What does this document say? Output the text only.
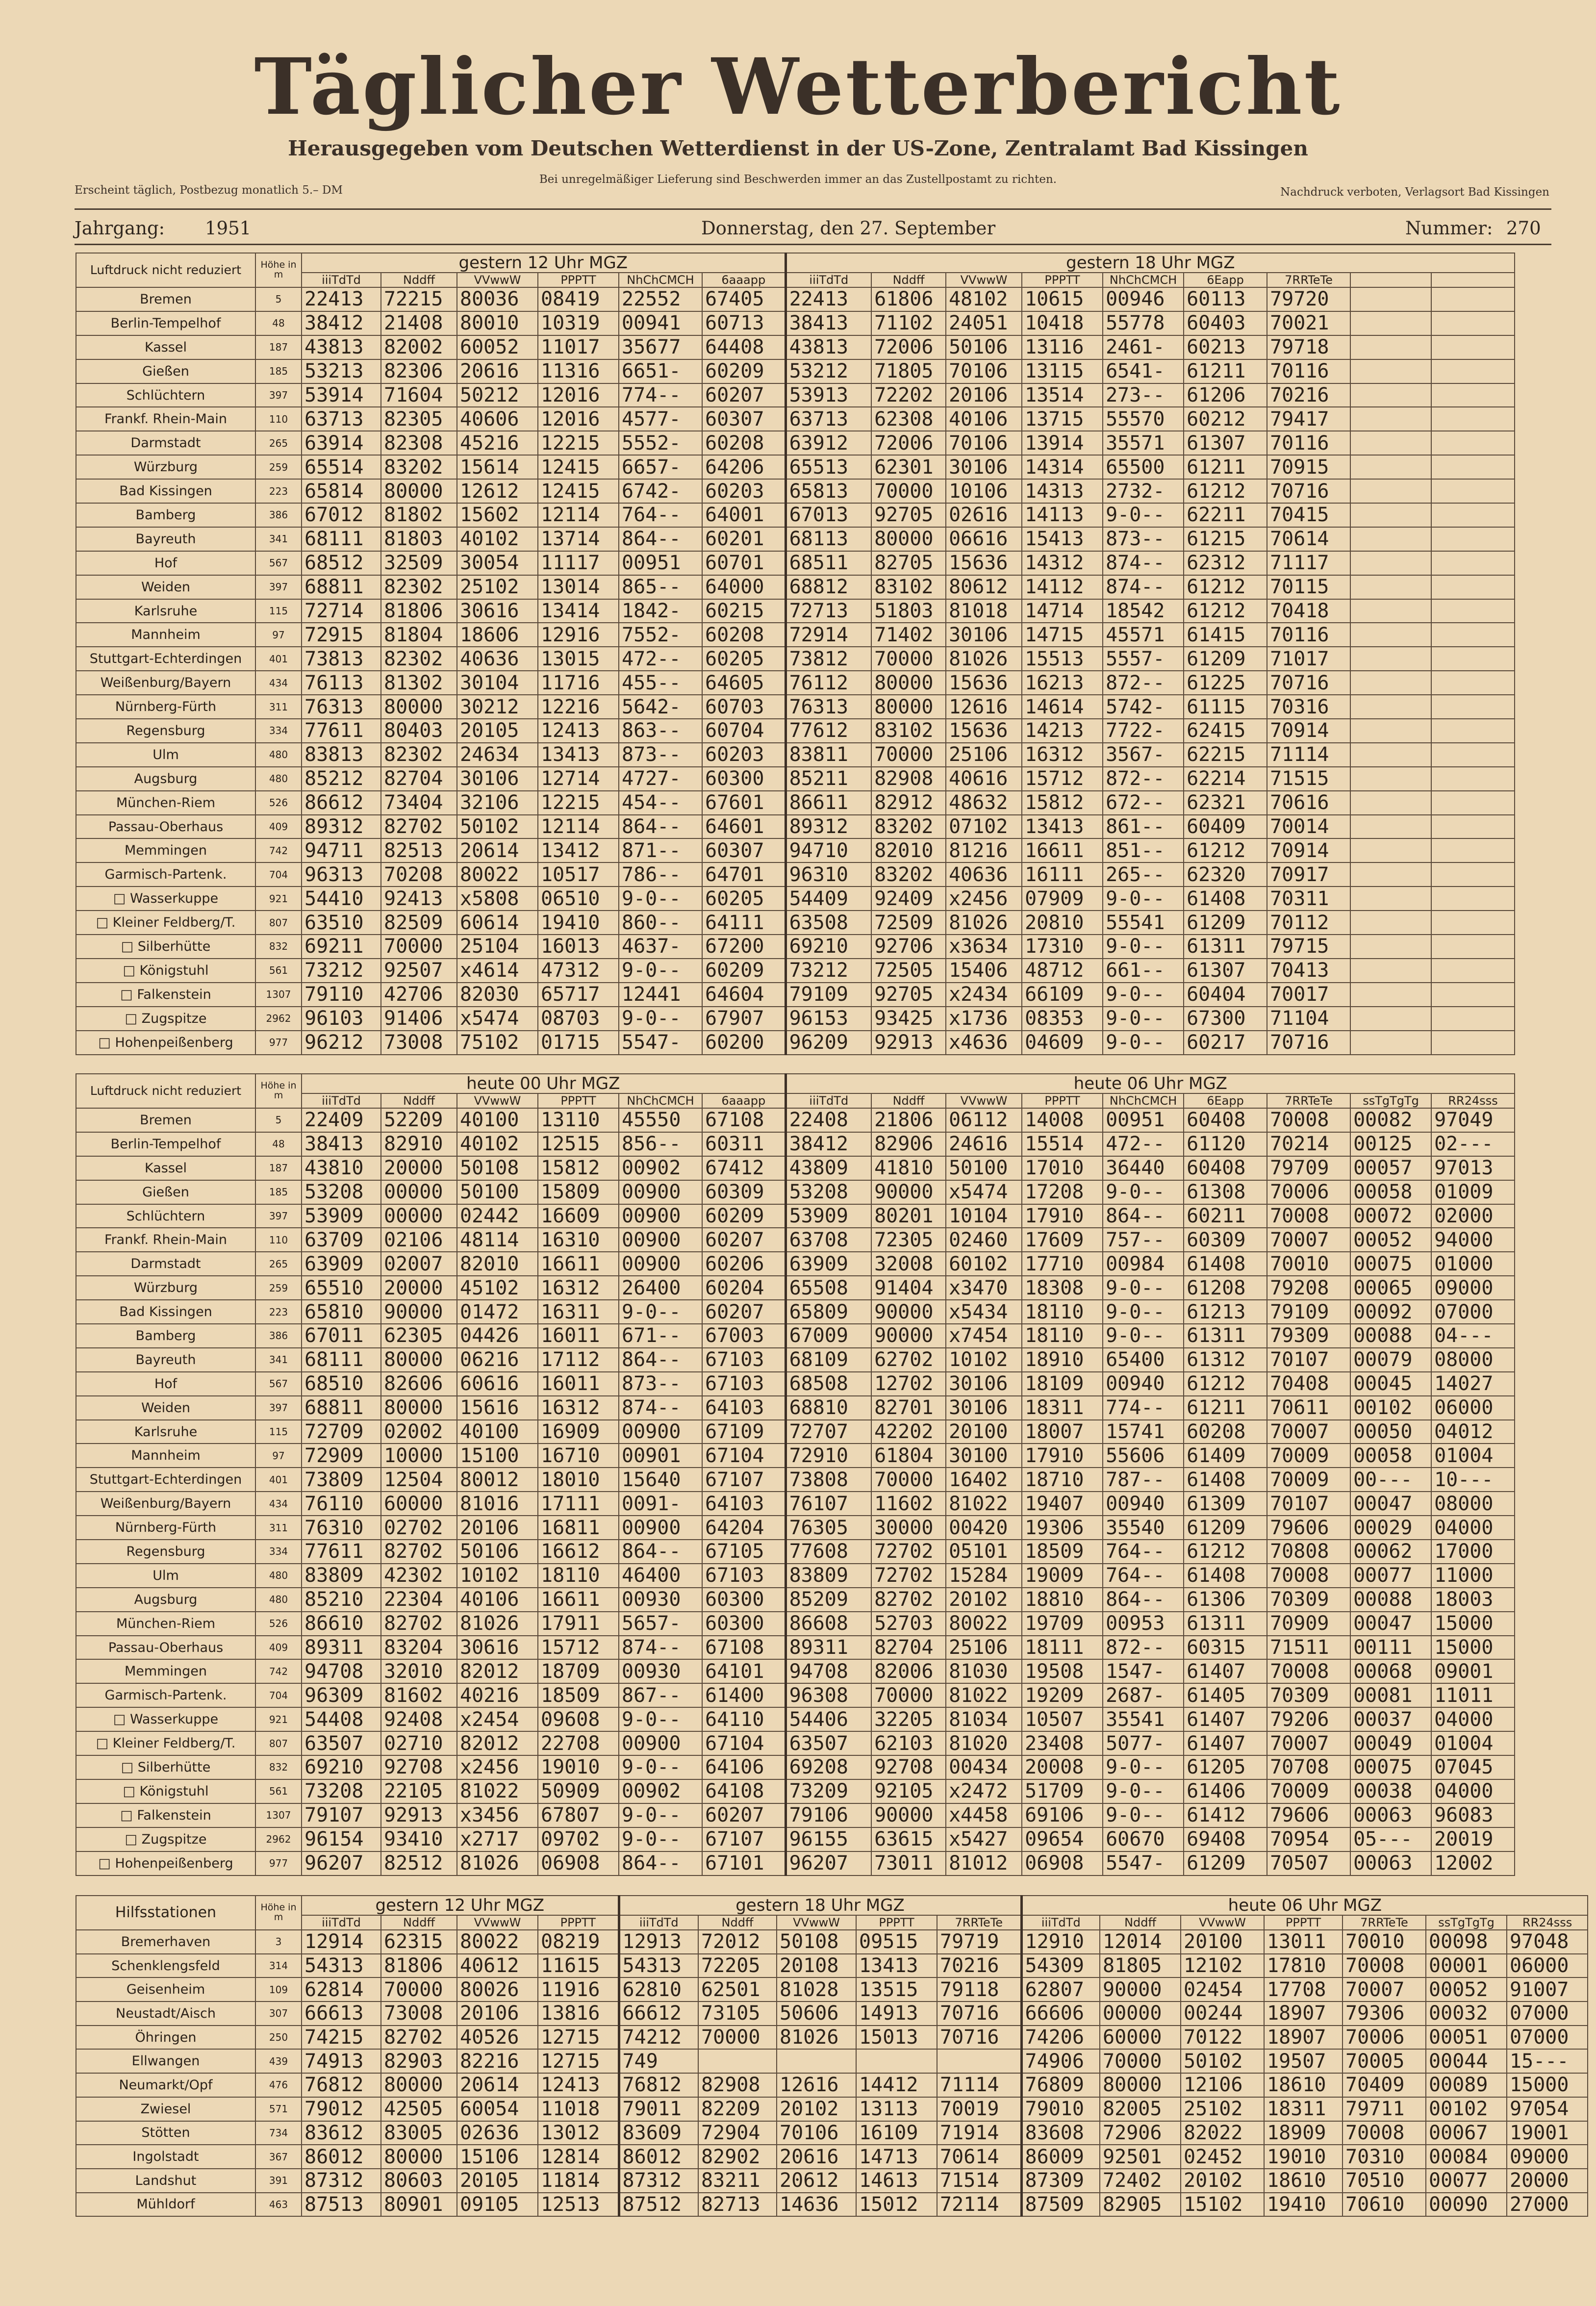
Täglicher Wetterbericht
Herausgegeben vom Deutschen Wetterdienst in der US-Zone, Zentralamt Bad Kissingen
Bei unregelmäßiger Lieferung sind Beschwerden immer an das Zustellpostamt zu richten.
Erscheint täglich, Postbezug monatlich 5.– DM	Nachdruck verboten, Verlagsort Bad Kissingen
Jahrgang: 1951	Donnerstag, den 27. September	Nummer: 270
Luftdruck nicht reduziert	Höhe in m	gestern 12 Uhr MGZ						gestern 18 Uhr MGZ								
		iiiTdTd	Nddff	VVwwW	PPPTT	NhChCMCH	6aaapp	iiiTdTd	Nddff	VVwwW	PPPTT	NhChCMCH	6Eapp	7RRTeTe		
Bremen	5	22413	72215	80036	08419	22552	67405	22413	61806	48102	10615	00946	60113	79720		
Berlin-Tempelhof	48	38412	21408	80010	10319	00941	60713	38413	71102	24051	10418	55778	60403	70021		
Kassel	187	43813	82002	60052	11017	35677	64408	43813	72006	50106	13116	2461-	60213	79718		
Gießen	185	53213	82306	20616	11316	6651-	60209	53212	71805	70106	13115	6541-	61211	70116		
Schlüchtern	397	53914	71604	50212	12016	774--	60207	53913	72202	20106	13514	273--	61206	70216		
Frankf. Rhein-Main	110	63713	82305	40606	12016	4577-	60307	63713	62308	40106	13715	55570	60212	79417		
Darmstadt	265	63914	82308	45216	12215	5552-	60208	63912	72006	70106	13914	35571	61307	70116		
Würzburg	259	65514	83202	15614	12415	6657-	64206	65513	62301	30106	14314	65500	61211	70915		
Bad Kissingen	223	65814	80000	12612	12415	6742-	60203	65813	70000	10106	14313	2732-	61212	70716		
Bamberg	386	67012	81802	15602	12114	764--	64001	67013	92705	02616	14113	9-0--	62211	70415		
Bayreuth	341	68111	81803	40102	13714	864--	60201	68113	80000	06616	15413	873--	61215	70614		
Hof	567	68512	32509	30054	11117	00951	60701	68511	82705	15636	14312	874--	62312	71117		
Weiden	397	68811	82302	25102	13014	865--	64000	68812	83102	80612	14112	874--	61212	70115		
Karlsruhe	115	72714	81806	30616	13414	1842-	60215	72713	51803	81018	14714	18542	61212	70418		
Mannheim	97	72915	81804	18606	12916	7552-	60208	72914	71402	30106	14715	45571	61415	70116		
Stuttgart-Echterdingen	401	73813	82302	40636	13015	472--	60205	73812	70000	81026	15513	5557-	61209	71017		
Weißenburg/Bayern	434	76113	81302	30104	11716	455--	64605	76112	80000	15636	16213	872--	61225	70716		
Nürnberg-Fürth	311	76313	80000	30212	12216	5642-	60703	76313	80000	12616	14614	5742-	61115	70316		
Regensburg	334	77611	80403	20105	12413	863--	60704	77612	83102	15636	14213	7722-	62415	70914		
Ulm	480	83813	82302	24634	13413	873--	60203	83811	70000	25106	16312	3567-	62215	71114		
Augsburg	480	85212	82704	30106	12714	4727-	60300	85211	82908	40616	15712	872--	62214	71515		
München-Riem	526	86612	73404	32106	12215	454--	67601	86611	82912	48632	15812	672--	62321	70616		
Passau-Oberhaus	409	89312	82702	50102	12114	864--	64601	89312	83202	07102	13413	861--	60409	70014		
Memmingen	742	94711	82513	20614	13412	871--	60307	94710	82010	81216	16611	851--	61212	70914		
Garmisch-Partenk.	704	96313	70208	80022	10517	786--	64701	96310	83202	40636	16111	265--	62320	70917		
□ Wasserkuppe	921	54410	92413	x5808	06510	9-0--	60205	54409	92409	x2456	07909	9-0--	61408	70311		
□ Kleiner Feldberg/T.	807	63510	82509	60614	19410	860--	64111	63508	72509	81026	20810	55541	61209	70112		
□ Silberhütte	832	69211	70000	25104	16013	4637-	67200	69210	92706	x3634	17310	9-0--	61311	79715		
□ Königstuhl	561	73212	92507	x4614	47312	9-0--	60209	73212	72505	15406	48712	661--	61307	70413		
□ Falkenstein	1307	79110	42706	82030	65717	12441	64604	79109	92705	x2434	66109	9-0--	60404	70017		
□ Zugspitze	2962	96103	91406	x5474	08703	9-0--	67907	96153	93425	x1736	08353	9-0--	67300	71104		
□ Hohenpeißenberg	977	96212	73008	75102	01715	5547-	60200	96209	92913	x4636	04609	9-0--	60217	70716		
Luftdruck nicht reduziert	Höhe in m	heute 00 Uhr MGZ						heute 06 Uhr MGZ								
		iiiTdTd	Nddff	VVwwW	PPPTT	NhChCMCH	6aaapp	iiiTdTd	Nddff	VVwwW	PPPTT	NhChCMCH	6Eapp	7RRTeTe	ssTgTgTg	RR24sss
Bremen	5	22409	52209	40100	13110	45550	67108	22408	21806	06112	14008	00951	60408	70008	00082	97049
Berlin-Tempelhof	48	38413	82910	40102	12515	856--	60311	38412	82906	24616	15514	472--	61120	70214	00125	02---
Kassel	187	43810	20000	50108	15812	00902	67412	43809	41810	50100	17010	36440	60408	79709	00057	97013
Gießen	185	53208	00000	50100	15809	00900	60309	53208	90000	x5474	17208	9-0--	61308	70006	00058	01009
Schlüchtern	397	53909	00000	02442	16609	00900	60209	53909	80201	10104	17910	864--	60211	70008	00072	02000
Frankf. Rhein-Main	110	63709	02106	48114	16310	00900	60207	63708	72305	02460	17609	757--	60309	70007	00052	94000
Darmstadt	265	63909	02007	82010	16611	00900	60206	63909	32008	60102	17710	00984	61408	70010	00075	01000
Würzburg	259	65510	20000	45102	16312	26400	60204	65508	91404	x3470	18308	9-0--	61208	79208	00065	09000
Bad Kissingen	223	65810	90000	01472	16311	9-0--	60207	65809	90000	x5434	18110	9-0--	61213	79109	00092	07000
Bamberg	386	67011	62305	04426	16011	671--	67003	67009	90000	x7454	18110	9-0--	61311	79309	00088	04---
Bayreuth	341	68111	80000	06216	17112	864--	67103	68109	62702	10102	18910	65400	61312	70107	00079	08000
Hof	567	68510	82606	60616	16011	873--	67103	68508	12702	30106	18109	00940	61212	70408	00045	14027
Weiden	397	68811	80000	15616	16312	874--	64103	68810	82701	30106	18311	774--	61211	70611	00102	06000
Karlsruhe	115	72709	02002	40100	16909	00900	67109	72707	42202	20100	18007	15741	60208	70007	00050	04012
Mannheim	97	72909	10000	15100	16710	00901	67104	72910	61804	30100	17910	55606	61409	70009	00058	01004
Stuttgart-Echterdingen	401	73809	12504	80012	18010	15640	67107	73808	70000	16402	18710	787--	61408	70009	00---	10---
Weißenburg/Bayern	434	76110	60000	81016	17111	0091-	64103	76107	11602	81022	19407	00940	61309	70107	00047	08000
Nürnberg-Fürth	311	76310	02702	20106	16811	00900	64204	76305	30000	00420	19306	35540	61209	79606	00029	04000
Regensburg	334	77611	82702	50106	16612	864--	67105	77608	72702	05101	18509	764--	61212	70808	00062	17000
Ulm	480	83809	42302	10102	18110	46400	67103	83809	72702	15284	19009	764--	61408	70008	00077	11000
Augsburg	480	85210	22304	40106	16611	00930	60300	85209	82702	20102	18810	864--	61306	70309	00088	18003
München-Riem	526	86610	82702	81026	17911	5657-	60300	86608	52703	80022	19709	00953	61311	70909	00047	15000
Passau-Oberhaus	409	89311	83204	30616	15712	874--	67108	89311	82704	25106	18111	872--	60315	71511	00111	15000
Memmingen	742	94708	32010	82012	18709	00930	64101	94708	82006	81030	19508	1547-	61407	70008	00068	09001
Garmisch-Partenk.	704	96309	81602	40216	18509	867--	61400	96308	70000	81022	19209	2687-	61405	70309	00081	11011
□ Wasserkuppe	921	54408	92408	x2454	09608	9-0--	64110	54406	32205	81034	10507	35541	61407	79206	00037	04000
□ Kleiner Feldberg/T.	807	63507	02710	82012	22708	00900	67104	63507	62103	81020	23408	5077-	61407	70007	00049	01004
□ Silberhütte	832	69210	92708	x2456	19010	9-0--	64106	69208	92708	00434	20008	9-0--	61205	70708	00075	07045
□ Königstuhl	561	73208	22105	81022	50909	00902	64108	73209	92105	x2472	51709	9-0--	61406	70009	00038	04000
□ Falkenstein	1307	79107	92913	x3456	67807	9-0--	60207	79106	90000	x4458	69106	9-0--	61412	79606	00063	96083
□ Zugspitze	2962	96154	93410	x2717	09702	9-0--	67107	96155	63615	x5427	09654	60670	69408	70954	05---	20019
□ Hohenpeißenberg	977	96207	82512	81026	06908	864--	67101	96207	73011	81012	06908	5547-	61209	70507	00063	12002
Hilfsstationen	Höhe in m	gestern 12 Uhr MGZ				gestern 18 Uhr MGZ					heute 06 Uhr MGZ						
		iiiTdTd	Nddff	VVwwW	PPPTT	iiiTdTd	Nddff	VVwwW	PPPTT	7RRTeTe	iiiTdTd	Nddff	VVwwW	PPPTT	7RRTeTe	ssTgTgTg	RR24sss
Bremerhaven	3	12914	62315	80022	08219	12913	72012	50108	09515	79719	12910	12014	20100	13011	70010	00098	97048
Schenklengsfeld	314	54313	81806	40612	11615	54313	72205	20108	13413	70216	54309	81805	12102	17810	70008	00001	06000
Geisenheim	109	62814	70000	80026	11916	62810	62501	81028	13515	79118	62807	90000	02454	17708	70007	00052	91007
Neustadt/Aisch	307	66613	73008	20106	13816	66612	73105	50606	14913	70716	66606	00000	00244	18907	79306	00032	07000
Öhringen	250	74215	82702	40526	12715	74212	70000	81026	15013	70716	74206	60000	70122	18907	70006	00051	07000
Ellwangen	439	74913	82903	82216	12715	749					74906	70000	50102	19507	70005	00044	15---
Neumarkt/Opf	476	76812	80000	20614	12413	76812	82908	12616	14412	71114	76809	80000	12106	18610	70409	00089	15000
Zwiesel	571	79012	42505	60054	11018	79011	82209	20102	13113	70019	79010	82005	25102	18311	79711	00102	97054
Stötten	734	83612	83005	02636	13012	83609	72904	70106	16109	71914	83608	72906	82022	18909	70008	00067	19001
Ingolstadt	367	86012	80000	15106	12814	86012	82902	20616	14713	70614	86009	92501	02452	19010	70310	00084	09000
Landshut	391	87312	80603	20105	11814	87312	83211	20612	14613	71514	87309	72402	20102	18610	70510	00077	20000
Mühldorf	463	87513	80901	09105	12513	87512	82713	14636	15012	72114	87509	82905	15102	19410	70610	00090	27000
